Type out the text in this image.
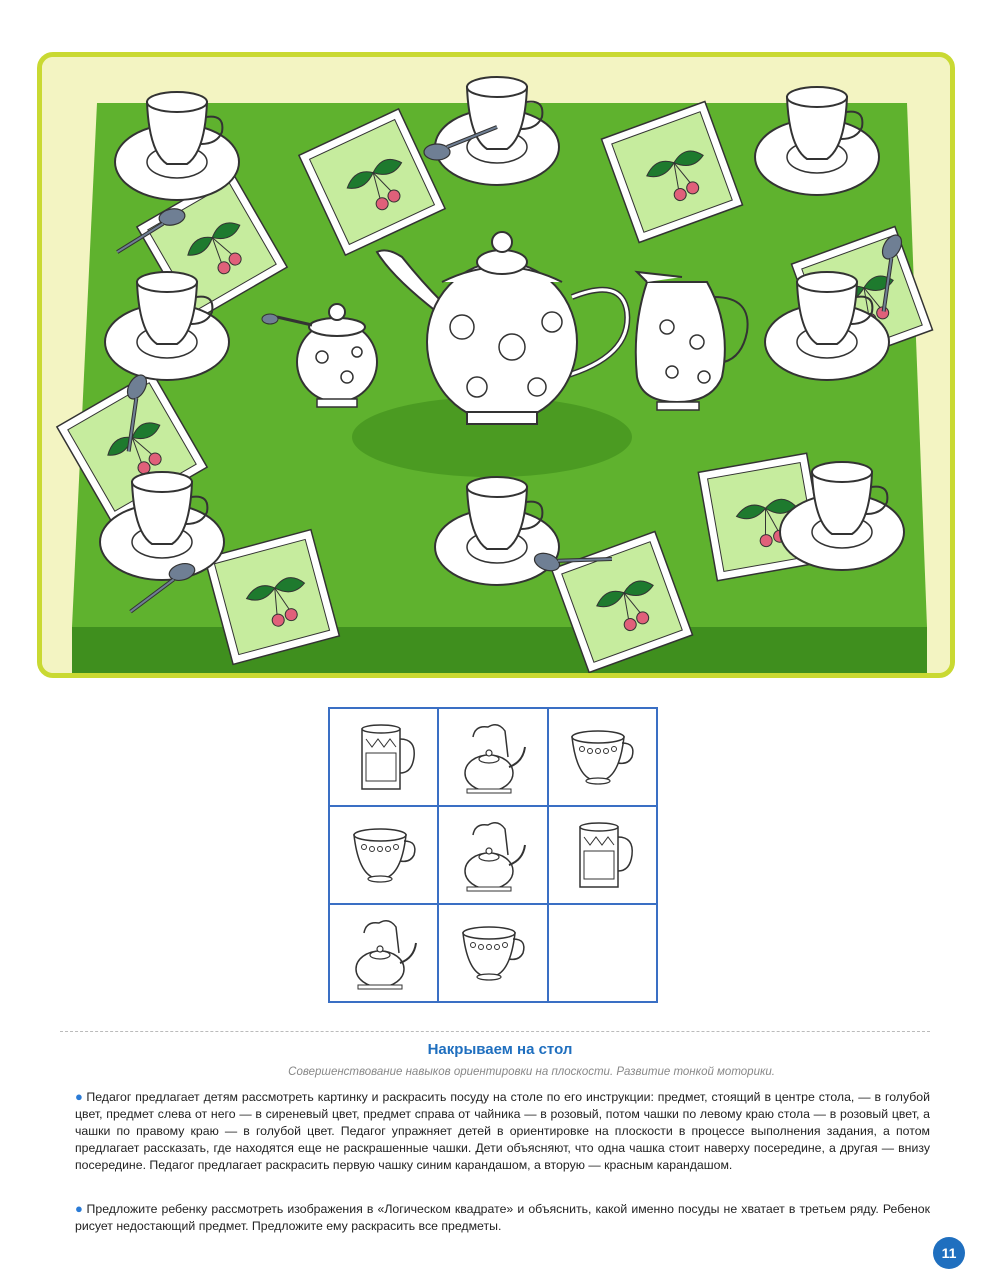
Накрываем на стол
Совершенствование навыков ориентировки на плоскости. Развитие тонкой моторики.
● Педагог предлагает детям рассмотреть картинку и раскрасить посуду на столе по его инструкции: предмет, стоящий в центре стола, — в голубой цвет, предмет слева от него — в сиреневый цвет, предмет справа от чайника — в розовый, потом чашки по левому краю стола — в розовый цвет, а чашки по правому краю — в голубой цвет. Педагог упражняет детей в ориентировке на плоскости в процессе выполнения задания, а потом предлагает рассказать, где находятся еще не раскрашенные чашки. Дети объясняют, что одна чашка стоит наверху посередине, а другая — внизу посередине. Педагог предлагает раскрасить первую чашку синим карандашом, а вторую — красным карандашом.
● Предложите ребенку рассмотреть изображения в «Логическом квадрате» и объяснить, какой именно посуды не хватает в третьем ряду. Ребенок рисует недостающий предмет. Предложите ему раскрасить все предметы.
11
